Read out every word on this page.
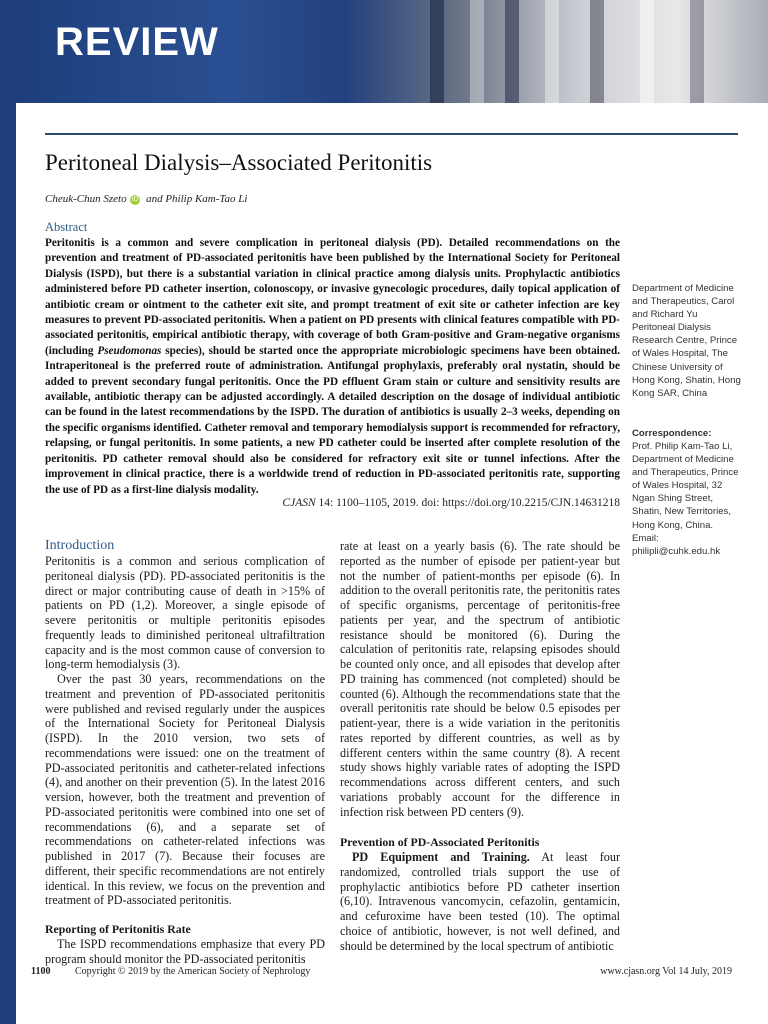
REVIEW
Peritoneal Dialysis–Associated Peritonitis
Cheuk-Chun Szeto iD and Philip Kam-Tao Li
Abstract
Peritonitis is a common and severe complication in peritoneal dialysis (PD). Detailed recommendations on the prevention and treatment of PD-associated peritonitis have been published by the International Society for Peritoneal Dialysis (ISPD), but there is a substantial variation in clinical practice among dialysis units. Prophylactic antibiotics administered before PD catheter insertion, colonoscopy, or invasive gynecologic procedures, daily topical application of antibiotic cream or ointment to the catheter exit site, and prompt treatment of exit site or catheter infection are key measures to prevent PD-associated peritonitis. When a patient on PD presents with clinical features compatible with PD-associated peritonitis, empirical antibiotic therapy, with coverage of both Gram-positive and Gram-negative organisms (including Pseudomonas species), should be started once the appropriate microbiologic specimens have been obtained. Intraperitoneal is the preferred route of administration. Antifungal prophylaxis, preferably oral nystatin, should be added to prevent secondary fungal peritonitis. Once the PD effluent Gram stain or culture and sensitivity results are available, antibiotic therapy can be adjusted accordingly. A detailed description on the dosage of individual antibiotic can be found in the latest recommendations by the ISPD. The duration of antibiotics is usually 2–3 weeks, depending on the specific organisms identified. Catheter removal and temporary hemodialysis support is recommended for refractory, relapsing, or fungal peritonitis. In some patients, a new PD catheter could be inserted after complete resolution of the peritonitis. PD catheter removal should also be considered for refractory exit site or tunnel infections. After the improvement in clinical practice, there is a worldwide trend of reduction in PD-associated peritonitis rate, supporting the use of PD as a first-line dialysis modality.
CJASN 14: 1100–1105, 2019. doi: https://doi.org/10.2215/CJN.14631218
Department of Medicine and Therapeutics, Carol and Richard Yu Peritoneal Dialysis Research Centre, Prince of Wales Hospital, The Chinese University of Hong Kong, Shatin, Hong Kong SAR, China
Correspondence:
Prof. Philip Kam-Tao Li, Department of Medicine and Therapeutics, Prince of Wales Hospital, 32 Ngan Shing Street, Shatin, New Territories, Hong Kong, China. Email: philipli@cuhk.edu.hk

Introduction

Peritonitis is a common and serious complication of peritoneal dialysis (PD). PD-associated peritonitis is the direct or major contributing cause of death in >15% of patients on PD (1,2). Moreover, a single episode of severe peritonitis or multiple peritonitis episodes frequently leads to diminished peritoneal ultrafiltration capacity and is the most common cause of conversion to long-term hemodialysis (3).

Over the past 30 years, recommendations on the treatment and prevention of PD-associated peritonitis were published and revised regularly under the auspices of the International Society for Peritoneal Dialysis (ISPD). In the 2010 version, two sets of recommendations were issued: one on the treatment of PD-associated peritonitis and catheter-related infections (4), and another on their prevention (5). In the latest 2016 version, however, both the treatment and prevention of PD-associated peritonitis were combined into one set of recommendations (6), and a separate set of recommendations on catheter-related infections was published in 2017 (7). Because their focuses are different, their specific recommendations are not entirely identical. In this review, we focus on the prevention and treatment of PD-associated peritonitis.

Reporting of Peritonitis Rate

The ISPD recommendations emphasize that every PD program should monitor the PD-associated peritonitis

rate at least on a yearly basis (6). The rate should be reported as the number of episode per patient-year but not the number of patient-months per episode (6). In addition to the overall peritonitis rate, the peritonitis rates of specific organisms, percentage of peritonitis-free patients per year, and the spectrum of antibiotic resistance should be monitored (6). During the calculation of peritonitis rate, relapsing episodes should be counted only once, and all episodes that develop after PD training has commenced (not completed) should be counted (6). Although the recommendations state that the overall peritonitis rate should be below 0.5 episodes per patient-year, there is a wide variation in the peritonitis rates reported by different countries, as well as by different centers within the same country (8). A recent study shows highly variable rates of adopting the ISPD recommendations across different centers, and such variations probably account for the difference in infection risk between PD centers (9).

Prevention of PD-Associated Peritonitis

PD Equipment and Training. At least four randomized, controlled trials support the use of prophylactic antibiotics before PD catheter insertion (6,10). Intravenous vancomycin, cefazolin, gentamicin, and cefuroxime have been tested (10). The optimal choice of antibiotic, however, is not well defined, and should be determined by the local spectrum of antibiotic

1100 Copyright © 2019 by the American Society of Nephrology	www.cjasn.org Vol 14 July, 2019
